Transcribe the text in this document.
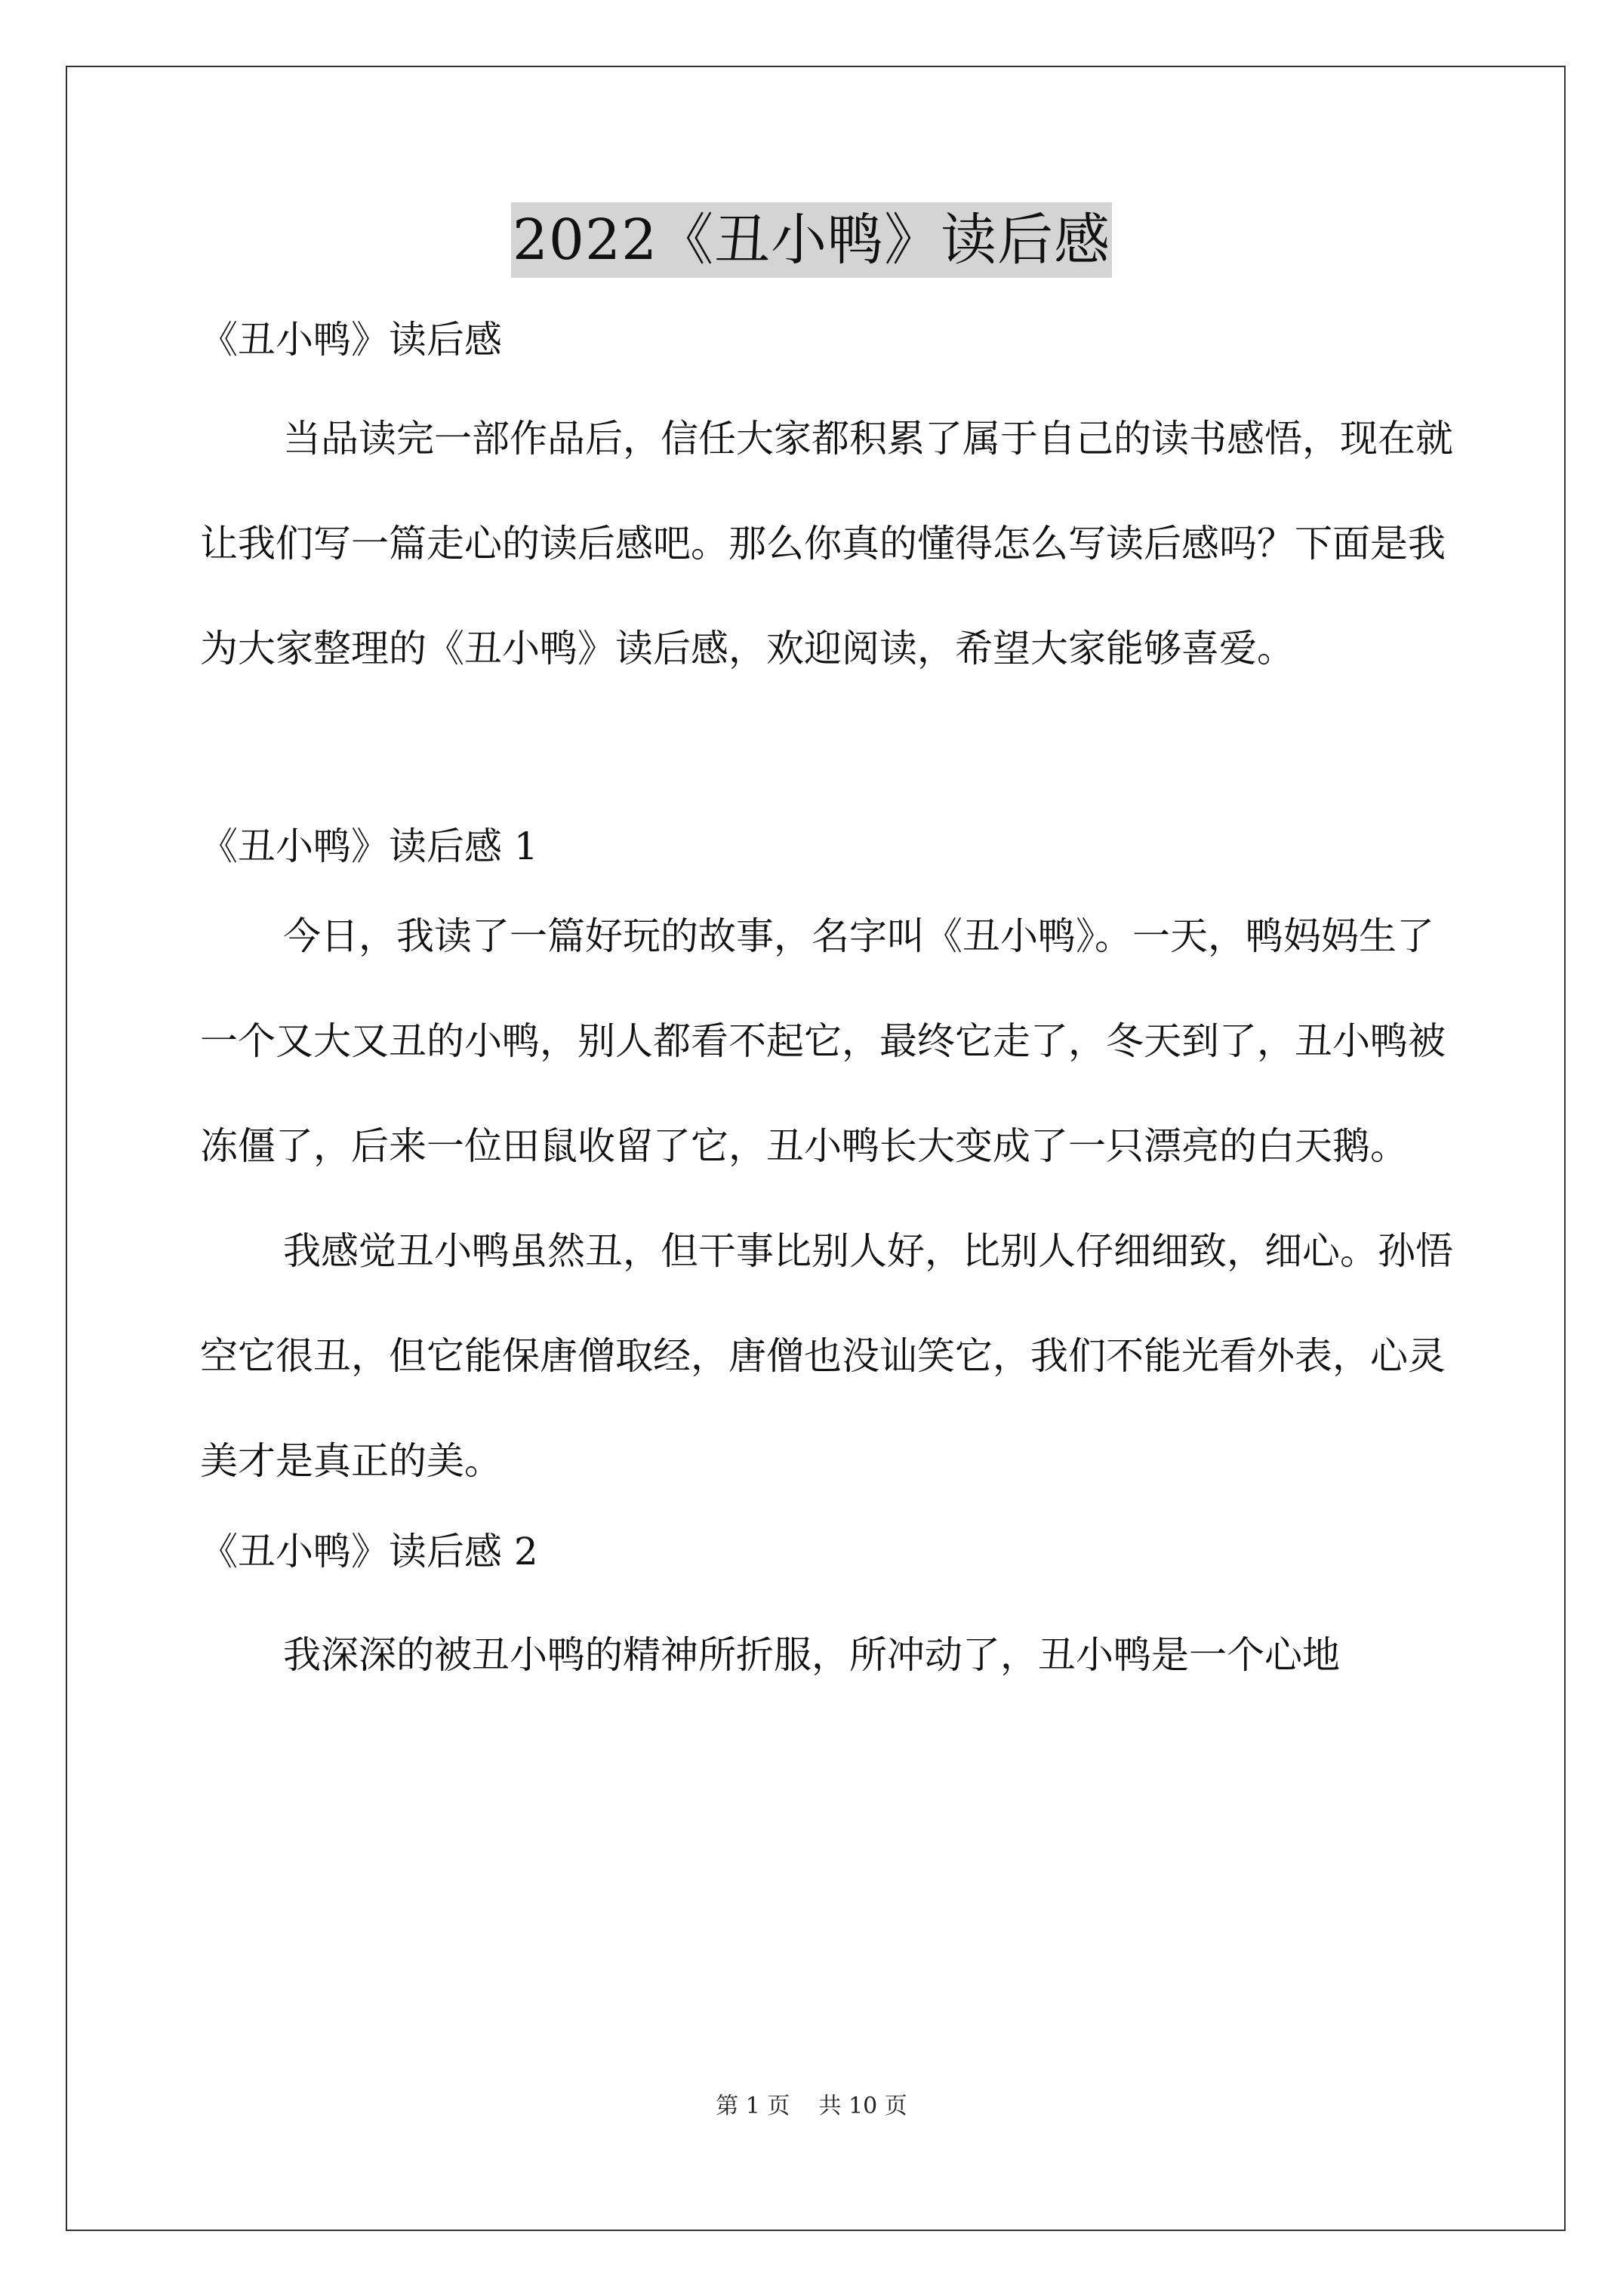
2022《丑小鸭》读后感

《丑小鸭》读后感

当品读完一部作品后，信任大家都积累了属于自己的读书感悟，现在就让我们写一篇走心的读后感吧。那么你真的懂得怎么写读后感吗？下面是我为大家整理的《丑小鸭》读后感，欢迎阅读，希望大家能够喜爱。

《丑小鸭》读后感 1

今日，我读了一篇好玩的故事，名字叫《丑小鸭》。一天，鸭妈妈生了一个又大又丑的小鸭，别人都看不起它，最终它走了，冬天到了，丑小鸭被冻僵了，后来一位田鼠收留了它，丑小鸭长大变成了一只漂亮的白天鹅。

我感觉丑小鸭虽然丑，但干事比别人好，比别人仔细细致，细心。孙悟空它很丑，但它能保唐僧取经，唐僧也没讪笑它，我们不能光看外表，心灵美才是真正的美。

《丑小鸭》读后感 2

我深深的被丑小鸭的精神所折服，所冲动了，丑小鸭是一个心地

第 1 页 共 10 页
